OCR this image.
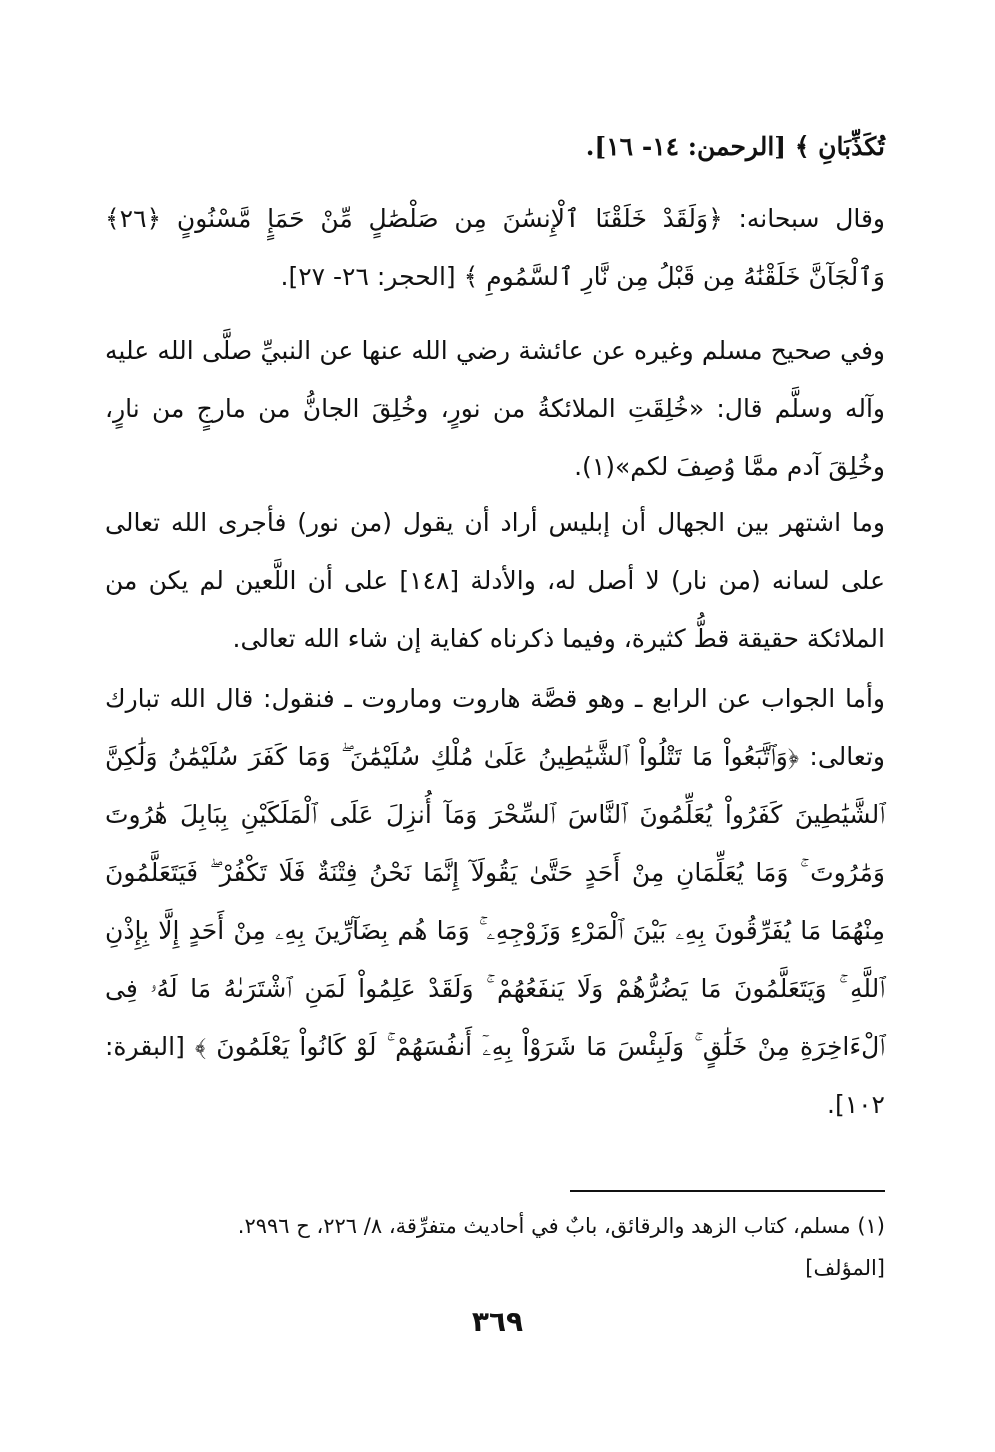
تُكَذِّبَانِ ﴾ [الرحمن: ١٤- ١٦].

وقال سبحانه: ﴿وَلَقَدْ خَلَقْنَا ٱلْإِنسَٰنَ مِن صَلْصَٰلٍ مِّنْ حَمَإٍ مَّسْنُونٍ ﴿٢٦﴾ وَٱلْجَآنَّ خَلَقْنَٰهُ مِن قَبْلُ مِن نَّارِ ٱلسَّمُومِ ﴾ [الحجر: ٢٦- ٢٧].

وفي صحيح مسلم وغيره عن عائشة رضي الله عنها عن النبيِّ صلَّى الله عليه وآله وسلَّم قال: «خُلِقَتِ الملائكةُ من نورٍ، وخُلِقَ الجانُّ من مارجٍ من نارٍ، وخُلِقَ آدم ممَّا وُصِفَ لكم»(١).

وما اشتهر بين الجهال أن إبليس أراد أن يقول (من نور) فأجرى الله تعالى على لسانه (من نار) لا أصل له، والأدلة [١٤٨] على أن اللَّعين لم يكن من الملائكة حقيقة قطُّ كثيرة، وفيما ذكرناه كفاية إن شاء الله تعالى.

وأما الجواب عن الرابع ـ وهو قصَّة هاروت وماروت ـ فنقول: قال الله تبارك وتعالى: ﴿وَٱتَّبَعُواْ مَا تَتْلُواْ ٱلشَّيَٰطِينُ عَلَىٰ مُلْكِ سُلَيْمَٰنَ ۖ وَمَا كَفَرَ سُلَيْمَٰنُ وَلَٰكِنَّ ٱلشَّيَٰطِينَ كَفَرُواْ يُعَلِّمُونَ ٱلنَّاسَ ٱلسِّحْرَ وَمَآ أُنزِلَ عَلَى ٱلْمَلَكَيْنِ بِبَابِلَ هَٰرُوتَ وَمَٰرُوتَ ۚ وَمَا يُعَلِّمَانِ مِنْ أَحَدٍ حَتَّىٰ يَقُولَآ إِنَّمَا نَحْنُ فِتْنَةٌ فَلَا تَكْفُرْ ۖ فَيَتَعَلَّمُونَ مِنْهُمَا مَا يُفَرِّقُونَ بِهِۦ بَيْنَ ٱلْمَرْءِ وَزَوْجِهِۦ ۚ وَمَا هُم بِضَآرِّينَ بِهِۦ مِنْ أَحَدٍ إِلَّا بِإِذْنِ ٱللَّهِ ۚ وَيَتَعَلَّمُونَ مَا يَضُرُّهُمْ وَلَا يَنفَعُهُمْ ۚ وَلَقَدْ عَلِمُواْ لَمَنِ ٱشْتَرَىٰهُ مَا لَهُۥ فِى ٱلْءَاخِرَةِ مِنْ خَلَٰقٍ ۚ وَلَبِئْسَ مَا شَرَوْاْ بِهِۦٓ أَنفُسَهُمْ ۚ لَوْ كَانُواْ يَعْلَمُونَ ﴾ [البقرة: ١٠٢].

(١) مسلم، كتاب الزهد والرقائق، بابٌ في أحاديث متفرِّقة، ٨/ ٢٢٦، ح ٢٩٩٦.
[المؤلف]
٣٦٩
